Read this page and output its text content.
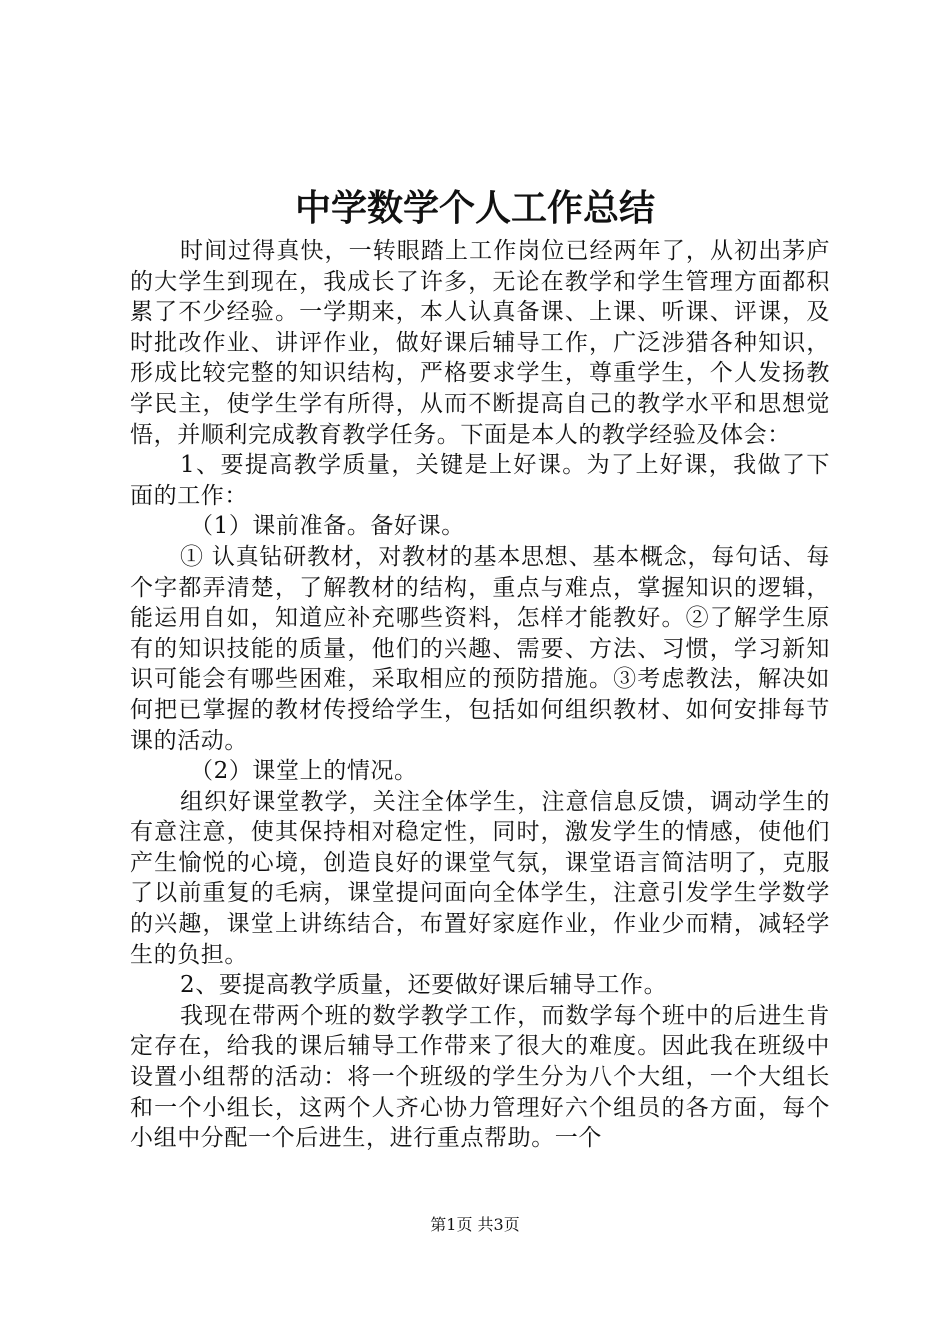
中学数学个人工作总结

时间过得真快，一转眼踏上工作岗位已经两年了，从初出茅庐的大学生到现在，我成长了许多，无论在教学和学生管理方面都积累了不少经验。一学期来，本人认真备课、上课、听课、评课，及时批改作业、讲评作业，做好课后辅导工作，广泛涉猎各种知识，形成比较完整的知识结构，严格要求学生，尊重学生，个人发扬教学民主，使学生学有所得，从而不断提高自己的教学水平和思想觉悟，并顺利完成教育教学任务。下面是本人的教学经验及体会：

1、要提高教学质量，关键是上好课。为了上好课，我做了下面的工作：

（1）课前准备。备好课。

① 认真钻研教材，对教材的基本思想、基本概念，每句话、每个字都弄清楚，了解教材的结构，重点与难点，掌握知识的逻辑，能运用自如，知道应补充哪些资料，怎样才能教好。②了解学生原有的知识技能的质量，他们的兴趣、需要、方法、习惯，学习新知识可能会有哪些困难，采取相应的预防措施。③考虑教法，解决如何把已掌握的教材传授给学生，包括如何组织教材、如何安排每节课的活动。

（2）课堂上的情况。

组织好课堂教学，关注全体学生，注意信息反馈，调动学生的有意注意，使其保持相对稳定性，同时，激发学生的情感，使他们产生愉悦的心境，创造良好的课堂气氛，课堂语言简洁明了，克服了以前重复的毛病，课堂提问面向全体学生，注意引发学生学数学的兴趣，课堂上讲练结合，布置好家庭作业，作业少而精，减轻学生的负担。

2、要提高教学质量，还要做好课后辅导工作。

我现在带两个班的数学教学工作，而数学每个班中的后进生肯定存在，给我的课后辅导工作带来了很大的难度。因此我在班级中设置小组帮的活动：将一个班级的学生分为八个大组，一个大组长和一个小组长，这两个人齐心协力管理好六个组员的各方面，每个小组中分配一个后进生，进行重点帮助。一个

第1页 共3页
